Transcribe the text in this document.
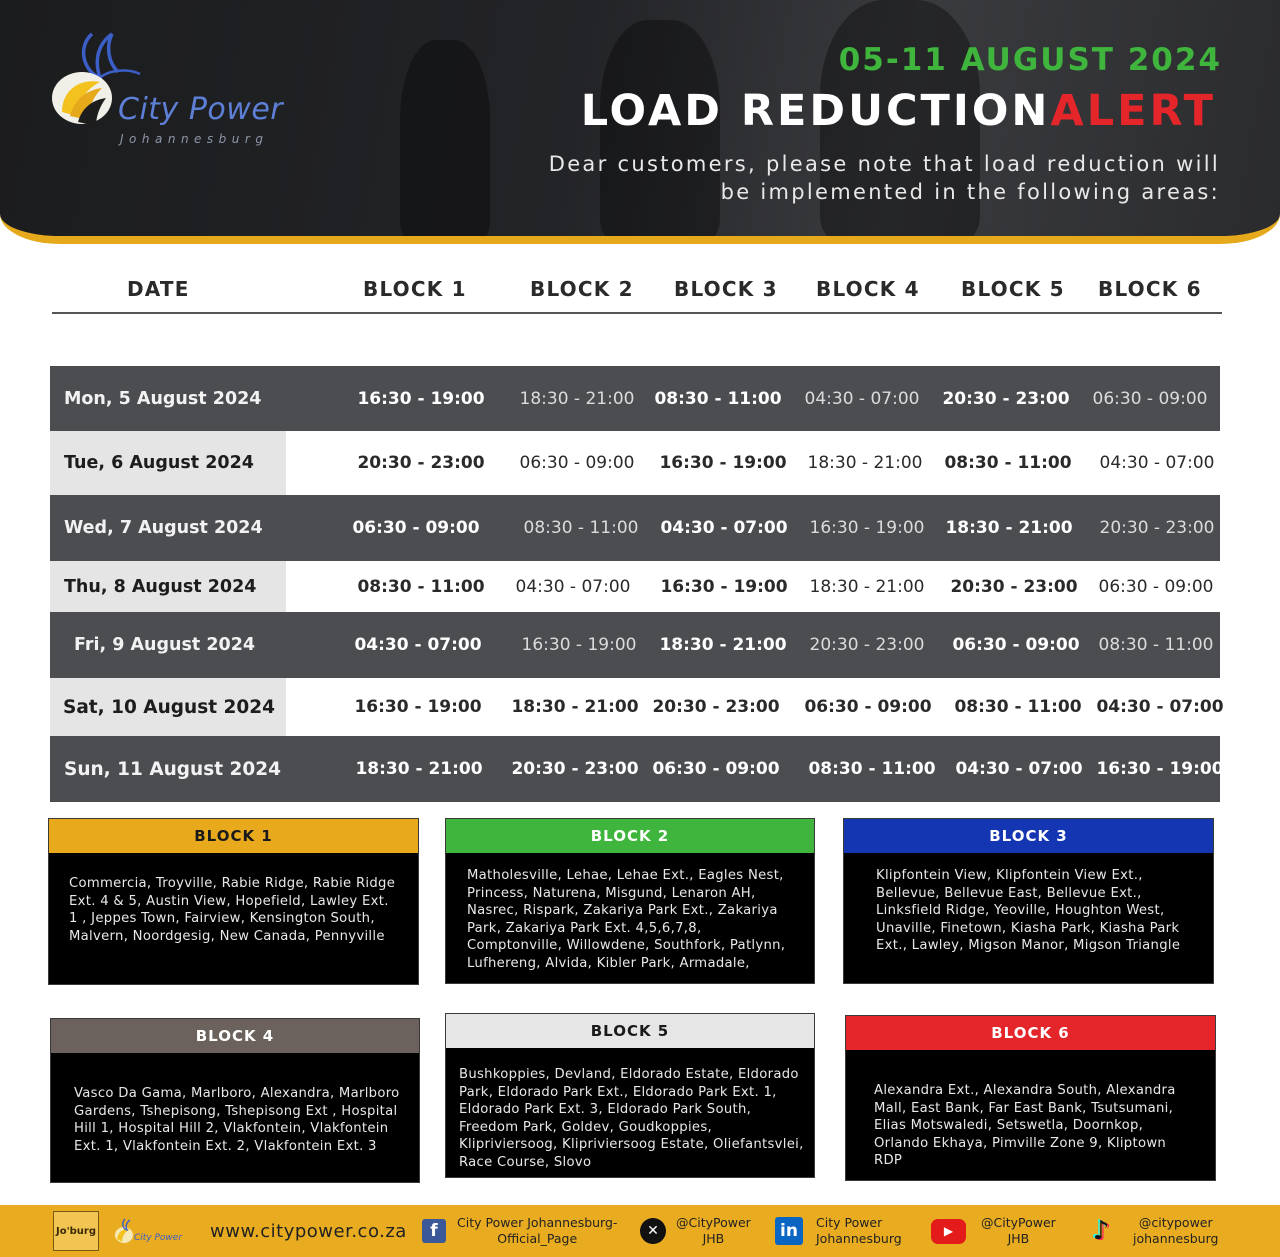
City Power
Johannesburg
05-11 AUGUST 2024
LOAD REDUCTIONALERT
Dear customers, please note that load reduction will
be implemented in the following areas:
DATE	BLOCK 1	BLOCK 2 BLOCK 3 BLOCK 4 BLOCK 5 BLOCK 6
Mon, 5 August 2024	16:30 - 19:00	18:30 - 21:00	08:30 - 11:00	04:30 - 07:00	20:30 - 23:00	06:30 - 09:00
Tue, 6 August 2024	20:30 - 23:00	06:30 - 09:00	16:30 - 19:00	18:30 - 21:00	08:30 - 11:00	04:30 - 07:00
Wed, 7 August 2024	06:30 - 09:00	08:30 - 11:00	04:30 - 07:00	16:30 - 19:00	18:30 - 21:00	20:30 - 23:00
Thu, 8 August 2024	08:30 - 11:00	04:30 - 07:00	16:30 - 19:00	18:30 - 21:00	20:30 - 23:00	06:30 - 09:00
Fri, 9 August 2024	04:30 - 07:00	16:30 - 19:00	18:30 - 21:00	20:30 - 23:00	06:30 - 09:00	08:30 - 11:00
Sat, 10 August 2024	16:30 - 19:00	18:30 - 21:00 20:30 - 23:00	06:30 - 09:00	08:30 - 11:00 04:30 - 07:00
Sun, 11 August 2024	18:30 - 21:00	20:30 - 23:00 06:30 - 09:00	08:30 - 11:00	04:30 - 07:00 16:30 - 19:00
BLOCK 1
Commercia, Troyville, Rabie Ridge, Rabie Ridge Ext. 4 & 5, Austin View, Hopefield, Lawley Ext. 1 , Jeppes Town, Fairview, Kensington South, Malvern, Noordgesig, New Canada, Pennyville
BLOCK 2
Matholesville, Lehae, Lehae Ext., Eagles Nest, Princess, Naturena, Misgund, Lenaron AH, Nasrec, Rispark, Zakariya Park Ext., Zakariya Park, Zakariya Park Ext. 4,5,6,7,8, Comptonville, Willowdene, Southfork, Patlynn, Lufhereng, Alvida, Kibler Park, Armadale,
BLOCK 3
Klipfontein View, Klipfontein View Ext., Bellevue, Bellevue East, Bellevue Ext., Linksfield Ridge, Yeoville, Houghton West, Unaville, Finetown, Kiasha Park, Kiasha Park Ext., Lawley, Migson Manor, Migson Triangle
BLOCK 4
Vasco Da Gama, Marlboro, Alexandra, Marlboro Gardens, Tshepisong, Tshepisong Ext , Hospital Hill 1, Hospital Hill 2, Vlakfontein, Vlakfontein Ext. 1, Vlakfontein Ext. 2, Vlakfontein Ext. 3
BLOCK 5
Bushkoppies, Devland, Eldorado Estate, Eldorado Park, Eldorado Park Ext., Eldorado Park Ext. 1, Eldorado Park Ext. 3, Eldorado Park South, Freedom Park, Goldev, Goudkoppies, Klipriviersoog, Klipriviersoog Estate, Oliefantsvlei, Race Course, Slovo
BLOCK 6
Alexandra Ext., Alexandra South, Alexandra Mall, East Bank, Far East Bank, Tsutsumani, Elias Motswaledi, Setswetla, Doornkop, Orlando Ekhaya, Pimville Zone 9, Kliptown RDP
Jo'burg
City Power www.citypower.co.za	f	City Power Johannesburg-
Official_Page	✕
@CityPower
JHB	in	City Power
Johannesburg	▶
@CityPower
JHB	♪	@citypower
johannesburg
